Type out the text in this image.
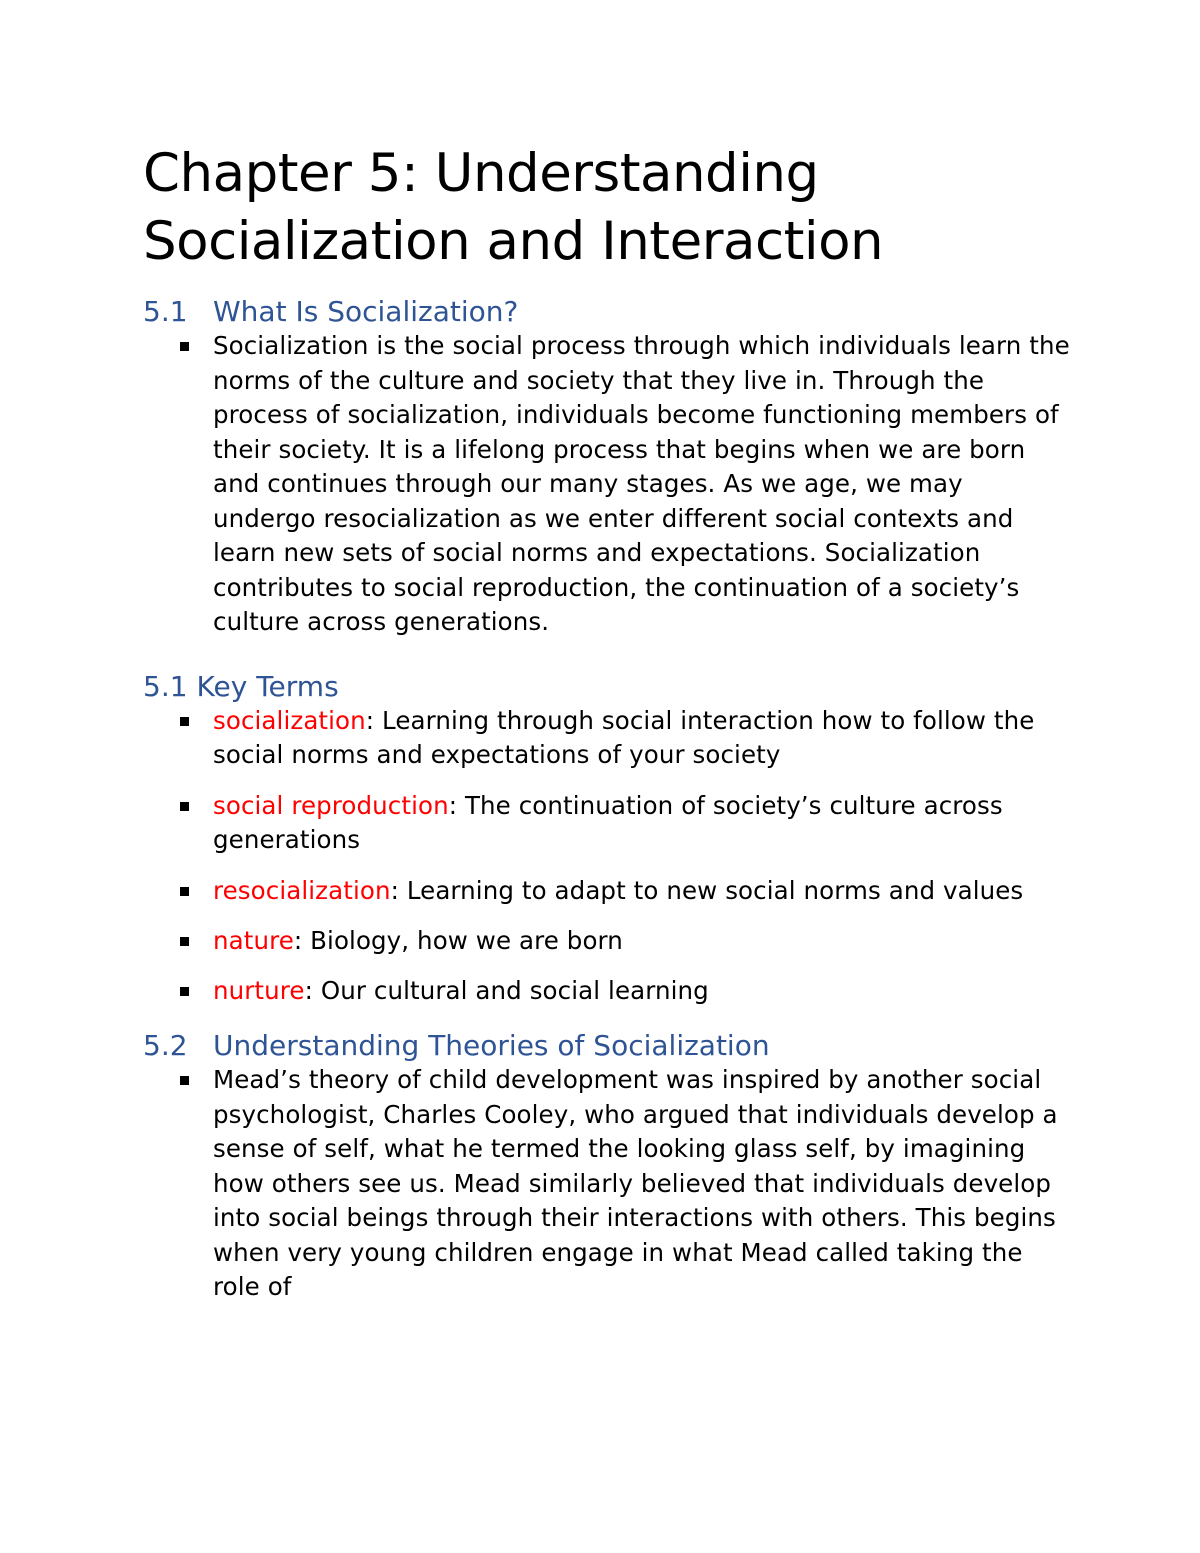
Chapter 5: Understanding
Socialization and Interaction
5.1 What Is Socialization?
Socialization is the social process through which individuals learn the norms of the culture and society that they live in. Through the process of socialization, individuals become functioning members of their society. It is a lifelong process that begins when we are born and continues through our many stages. As we age, we may undergo resocialization as we enter different social contexts and learn new sets of social norms and expectations. Socialization contributes to social reproduction, the continuation of a society’s culture across generations.
5.1 Key Terms
socialization: Learning through social interaction how to follow the social norms and expectations of your society
social reproduction: The continuation of society’s culture across generations
resocialization: Learning to adapt to new social norms and values
nature: Biology, how we are born
nurture: Our cultural and social learning
5.2 Understanding Theories of Socialization
Mead’s theory of child development was inspired by another social psychologist, Charles Cooley, who argued that individuals develop a sense of self, what he termed the looking glass self, by imagining how others see us. Mead similarly believed that individuals develop into social beings through their interactions with others. This begins when very young children engage in what Mead called taking the role of
